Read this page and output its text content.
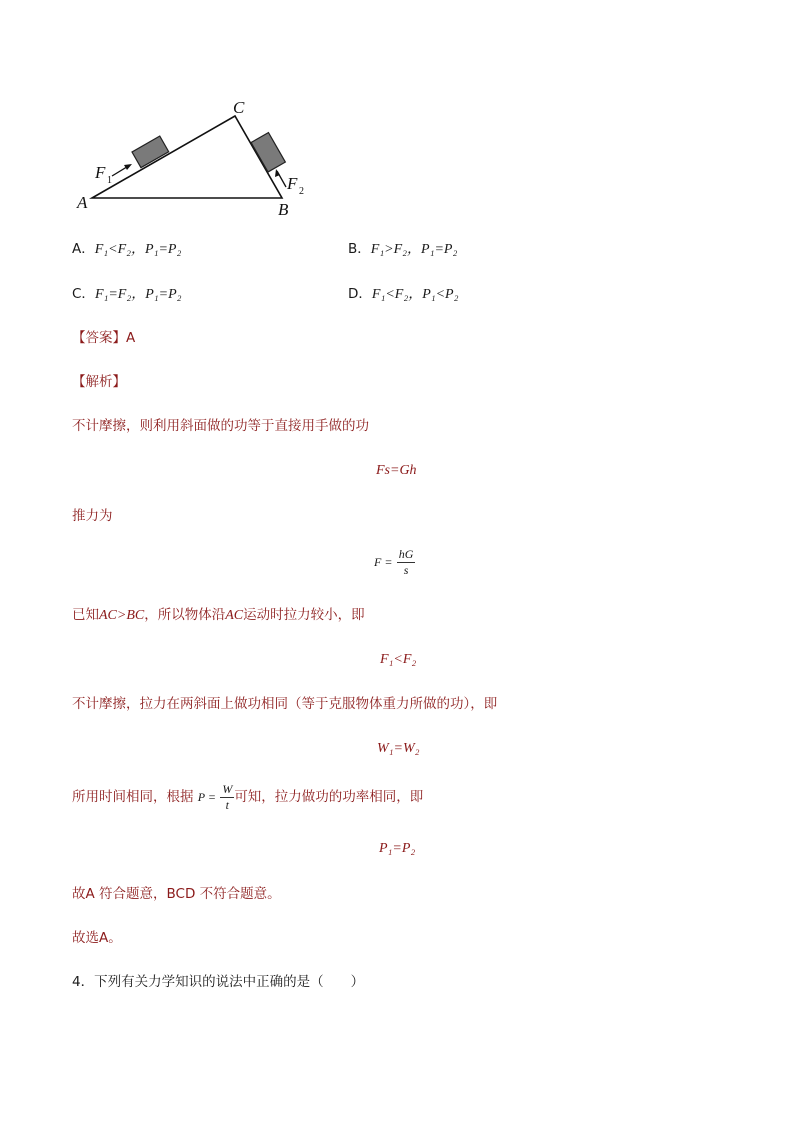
C
A	B
F 1	F 2
A．F₁<F₂，P₁=P₂	B．F₁>F₂，P₁=P₂
C．F₁=F₂，P₁=P₂	D．F₁<F₂，P₁<P₂
【答案】A
【解析】
不计摩擦，则利用斜面做的功等于直接用手做的功
Fs=Gh
推力为
$F = \frac{hG}{s}$
已知AC>BC，所以物体沿AC运动时拉力较小，即
F₁<F₂
不计摩擦，拉力在两斜面上做功相同（等于克服物体重力所做的功），即
W₁=W₂
所用时间相同，根据 $P = \frac{W}{t}$ 可知，拉力做功的功率相同，即
P₁=P₂
故A 符合题意，BCD 不符合题意。
故选A。
4．下列有关力学知识的说法中正确的是（　　）
